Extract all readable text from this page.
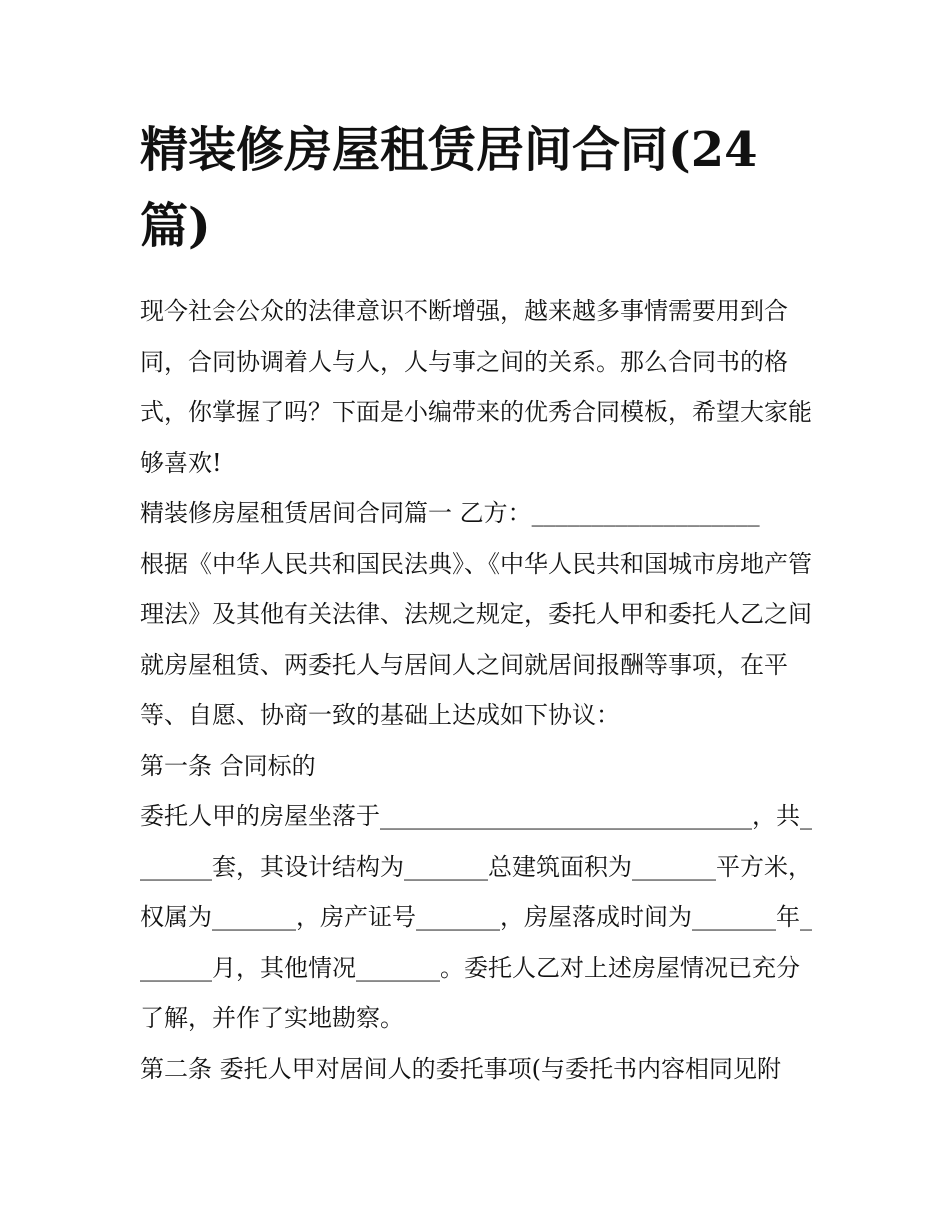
精装修房屋租赁居间合同(24篇)

现今社会公众的法律意识不断增强，越来越多事情需要用到合同，合同协调着人与人，人与事之间的关系。那么合同书的格式，你掌握了吗？下面是小编带来的优秀合同模板，希望大家能够喜欢!

精装修房屋租赁居间合同篇一 乙方：___________________

根据《中华人民共和国民法典》、《中华人民共和国城市房地产管理法》及其他有关法律、法规之规定，委托人甲和委托人乙之间就房屋租赁、两委托人与居间人之间就居间报酬等事项，在平等、自愿、协商一致的基础上达成如下协议：

第一条 合同标的

委托人甲的房屋坐落于_______________________________，共_______套，其设计结构为_______总建筑面积为_______平方米，权属为_______，房产证号_______，房屋落成时间为_______年_______月，其他情况_______。委托人乙对上述房屋情况已充分了解，并作了实地勘察。

第二条 委托人甲对居间人的委托事项(与委托书内容相同见附
